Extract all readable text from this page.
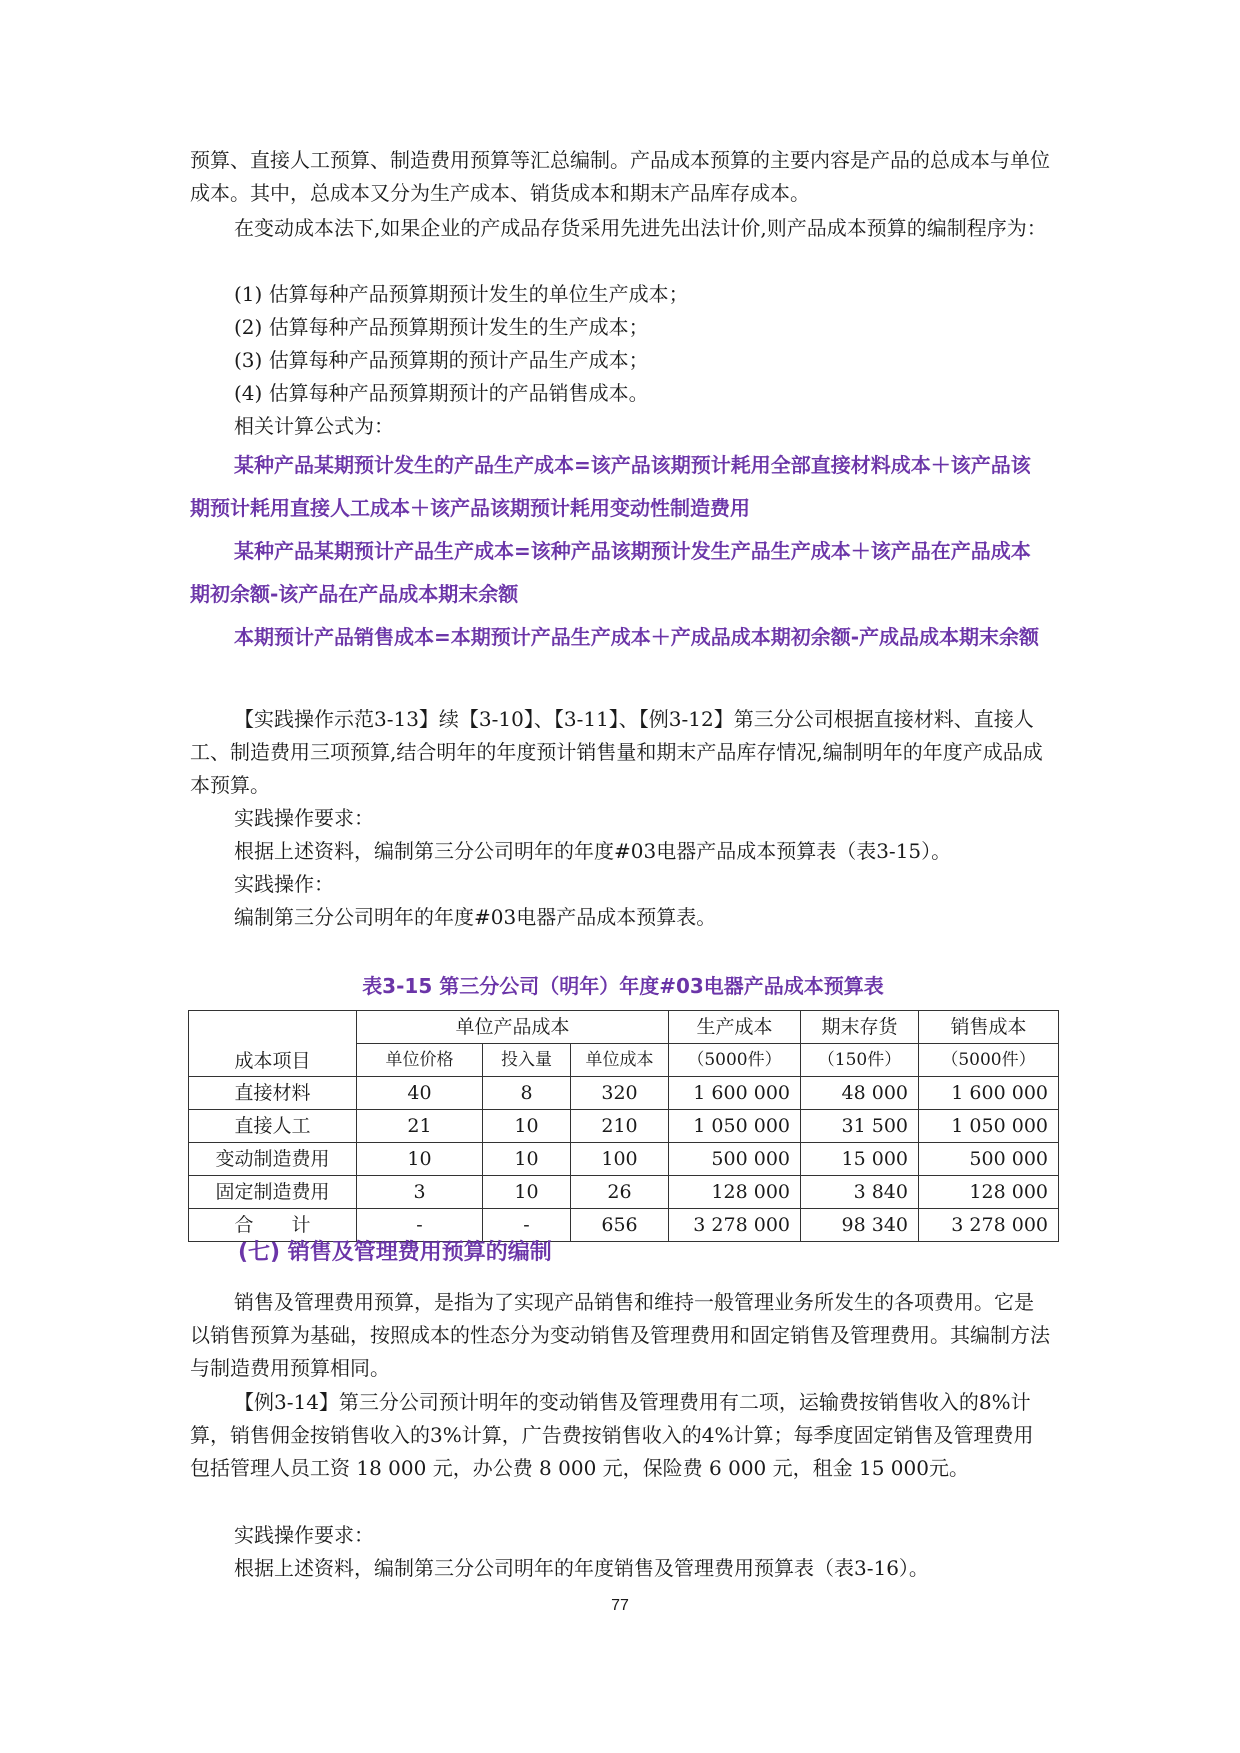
预算、直接人工预算、制造费用预算等汇总编制。产品成本预算的主要内容是产品的总成本与单位成本。其中，总成本又分为生产成本、销货成本和期末产品库存成本。

在变动成本法下,如果企业的产成品存货采用先进先出法计价,则产品成本预算的编制程序为：

(1) 估算每种产品预算期预计发生的单位生产成本；

(2) 估算每种产品预算期预计发生的生产成本；

(3) 估算每种产品预算期的预计产品生产成本；

(4) 估算每种产品预算期预计的产品销售成本。

相关计算公式为：

某种产品某期预计发生的产品生产成本=该产品该期预计耗用全部直接材料成本＋该产品该期预计耗用直接人工成本＋该产品该期预计耗用变动性制造费用

某种产品某期预计产品生产成本=该种产品该期预计发生产品生产成本＋该产品在产品成本期初余额-该产品在产品成本期末余额

本期预计产品销售成本=本期预计产品生产成本＋产成品成本期初余额-产成品成本期末余额

【实践操作示范3-13】续【3-10】、【3-11】、【例3-12】第三分公司根据直接材料、直接人工、制造费用三项预算,结合明年的年度预计销售量和期末产品库存情况,编制明年的年度产成品成本预算。

实践操作要求：

根据上述资料，编制第三分公司明年的年度#03电器产品成本预算表（表3-15）。

实践操作：

编制第三分公司明年的年度#03电器产品成本预算表。

表3-15 第三分公司（明年）年度#03电器产品成本预算表

成本项目	单位产品成本			生产成本	期末存货	销售成本
	单位价格	投入量	单位成本	（5000件）	（150件）	（5000件）
直接材料	40	8	320	1 600 000	48 000	1 600 000
直接人工	21	10	210	1 050 000	31 500	1 050 000
变动制造费用	10	10	100	500 000	15 000	500 000
固定制造费用	3	10	26	128 000	3 840	128 000
合　　计	-	-	656	3 278 000	98 340	3 278 000

(七) 销售及管理费用预算的编制

销售及管理费用预算，是指为了实现产品销售和维持一般管理业务所发生的各项费用。它是以销售预算为基础，按照成本的性态分为变动销售及管理费用和固定销售及管理费用。其编制方法与制造费用预算相同。

【例3-14】第三分公司预计明年的变动销售及管理费用有二项，运输费按销售收入的8%计算，销售佣金按销售收入的3%计算，广告费按销售收入的4%计算；每季度固定销售及管理费用包括管理人员工资 18 000 元，办公费 8 000 元，保险费 6 000 元，租金 15 000元。

实践操作要求：

根据上述资料，编制第三分公司明年的年度销售及管理费用预算表（表3-16）。

77
